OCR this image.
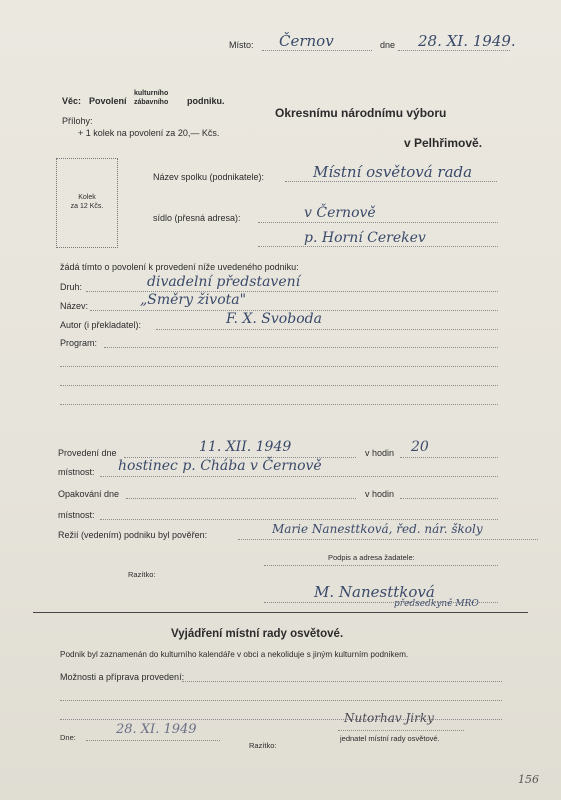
Místo: Černov	dne 28. XI. 1949.
Věc: Povolení
kulturního
zábavního podniku.
Přílohy:
+ 1 kolek na povolení za 20,— Kčs.
Okresnímu národnímu výboru
v Pelhřimově.
Kolek
za 12 Kčs.
Název spolku (podnikatele):	Místní osvětová rada
sídlo (přesná adresa):	v Černově
p. Horní Cerekev
žádá tímto o povolení k provedení níže uvedeného podniku:
Druh:	divadelní představení
Název:	„Směry života"
Autor (i překladatel):	F. X. Svoboda
Program:
Provedení dne	11. XII. 1949	v hodin 20
místnost: hostinec p. Chába v Černově
Opakování dne	v hodin
místnost:
Režií (vedením) podniku byl pověřen:	Marie Nanesttková, řed. nár. školy
Podpis a adresa žadatele:
Razítko:
M. Nanesttková
předsedkyně MRO
Vyjádření místní rady osvětové.
Podnik byl zaznamenán do kulturního kalendáře v obci a nekoliduje s jiným kulturním podnikem.
Možnosti a příprava provedení:
Dne:
28. XI. 1949
Razítko:
Nutorhav Jirky
jednatel místní rady osvětové.
156
